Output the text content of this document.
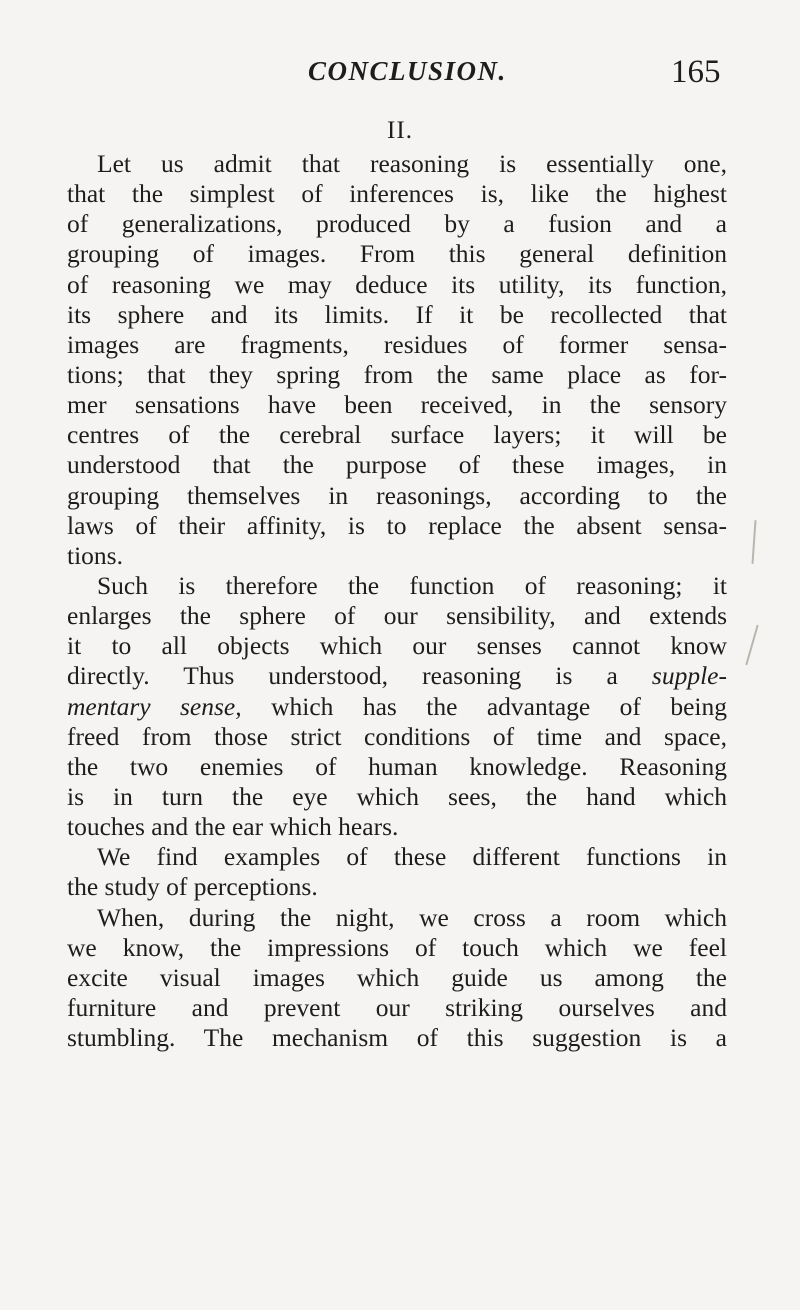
CONCLUSION.	165
II.
Let us admit that reasoning is essentially one,
that the simplest of inferences is, like the highest
of generalizations, produced by a fusion and a
grouping of images. From this general definition
of reasoning we may deduce its utility, its function,
its sphere and its limits. If it be recollected that
images are fragments, residues of former sensa-
tions; that they spring from the same place as for-
mer sensations have been received, in the sensory
centres of the cerebral surface layers; it will be
understood that the purpose of these images, in
grouping themselves in reasonings, according to the
laws of their affinity, is to replace the absent sensa-
tions.
Such is therefore the function of reasoning; it
enlarges the sphere of our sensibility, and extends
it to all objects which our senses cannot know
directly. Thus understood, reasoning is a supple-
mentary sense, which has the advantage of being
freed from those strict conditions of time and space,
the two enemies of human knowledge. Reasoning
is in turn the eye which sees, the hand which
touches and the ear which hears.
We find examples of these different functions in
the study of perceptions.
When, during the night, we cross a room which
we know, the impressions of touch which we feel
excite visual images which guide us among the
furniture and prevent our striking ourselves and
stumbling. The mechanism of this suggestion is a
